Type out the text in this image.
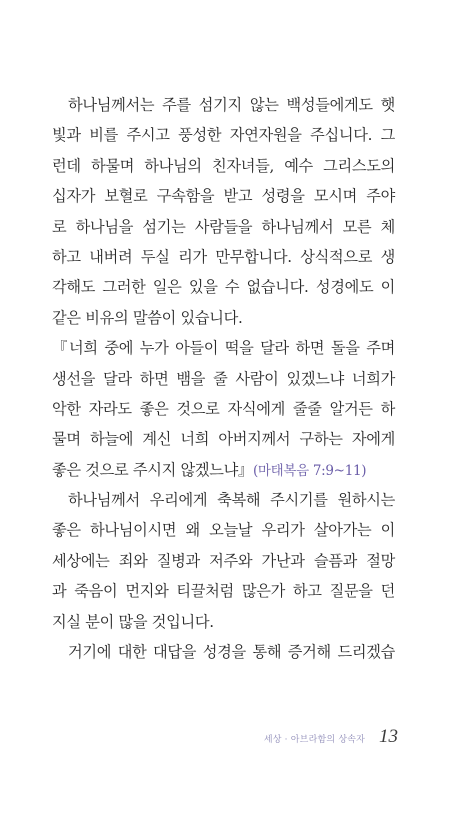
하나님께서는 주를 섬기지 않는 백성들에게도 햇
빛과 비를 주시고 풍성한 자연자원을 주십니다. 그
런데 하물며 하나님의 친자녀들, 예수 그리스도의
십자가 보혈로 구속함을 받고 성령을 모시며 주야
로 하나님을 섬기는 사람들을 하나님께서 모른 체
하고 내버려 두실 리가 만무합니다. 상식적으로 생
각해도 그러한 일은 있을 수 없습니다. 성경에도 이
같은 비유의 말씀이 있습니다.
『너희 중에 누가 아들이 떡을 달라 하면 돌을 주며
생선을 달라 하면 뱀을 줄 사람이 있겠느냐 너희가
악한 자라도 좋은 것으로 자식에게 줄줄 알거든 하
물며 하늘에 계신 너희 아버지께서 구하는 자에게
좋은 것으로 주시지 않겠느냐』(마태복음 7:9~11)
하나님께서 우리에게 축복해 주시기를 원하시는
좋은 하나님이시면 왜 오늘날 우리가 살아가는 이
세상에는 죄와 질병과 저주와 가난과 슬픔과 절망
과 죽음이 먼지와 티끌처럼 많은가 하고 질문을 던
지실 분이 많을 것입니다.
거기에 대한 대답을 성경을 통해 증거해 드리겠습
세상 · 아브라함의 상속자 13
